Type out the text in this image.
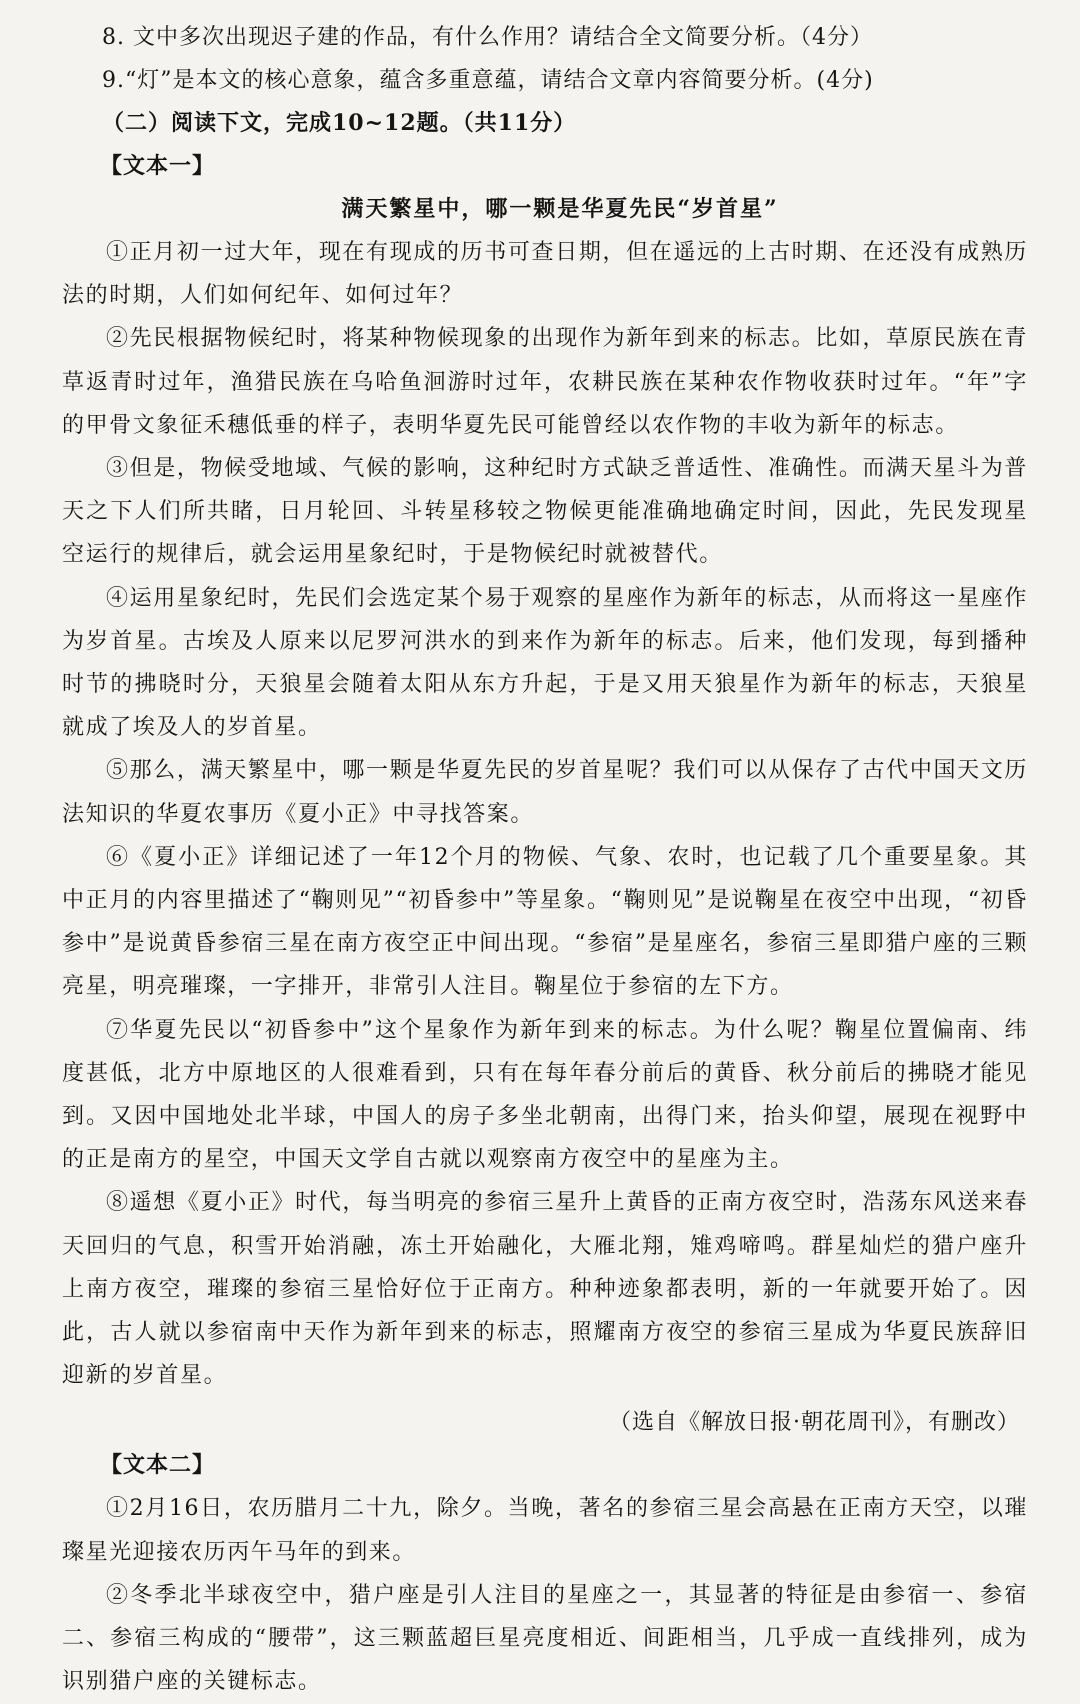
8. 文中多次出现迟子建的作品，有什么作用？请结合全文简要分析。（4分）
9.“灯”是本文的核心意象，蕴含多重意蕴，请结合文章内容简要分析。(4分)
（二）阅读下文，完成10~12题。（共11分）
【文本一】
满天繁星中，哪一颗是华夏先民“岁首星”

①正月初一过大年，现在有现成的历书可查日期，但在遥远的上古时期、在还没有成熟历法的时期，人们如何纪年、如何过年？

②先民根据物候纪时，将某种物候现象的出现作为新年到来的标志。比如，草原民族在青草返青时过年，渔猎民族在乌哈鱼洄游时过年，农耕民族在某种农作物收获时过年。“年”字的甲骨文象征禾穗低垂的样子，表明华夏先民可能曾经以农作物的丰收为新年的标志。

③但是，物候受地域、气候的影响，这种纪时方式缺乏普适性、准确性。而满天星斗为普天之下人们所共睹，日月轮回、斗转星移较之物候更能准确地确定时间，因此，先民发现星空运行的规律后，就会运用星象纪时，于是物候纪时就被替代。

④运用星象纪时，先民们会选定某个易于观察的星座作为新年的标志，从而将这一星座作为岁首星。古埃及人原来以尼罗河洪水的到来作为新年的标志。后来，他们发现，每到播种时节的拂晓时分，天狼星会随着太阳从东方升起，于是又用天狼星作为新年的标志，天狼星就成了埃及人的岁首星。

⑤那么，满天繁星中，哪一颗是华夏先民的岁首星呢？我们可以从保存了古代中国天文历法知识的华夏农事历《夏小正》中寻找答案。

⑥《夏小正》详细记述了一年12个月的物候、气象、农时，也记载了几个重要星象。其中正月的内容里描述了“鞠则见”“初昏参中”等星象。“鞠则见”是说鞠星在夜空中出现，“初昏参中”是说黄昏参宿三星在南方夜空正中间出现。“参宿”是星座名，参宿三星即猎户座的三颗亮星，明亮璀璨，一字排开，非常引人注目。鞠星位于参宿的左下方。

⑦华夏先民以“初昏参中”这个星象作为新年到来的标志。为什么呢？鞠星位置偏南、纬度甚低，北方中原地区的人很难看到，只有在每年春分前后的黄昏、秋分前后的拂晓才能见到。又因中国地处北半球，中国人的房子多坐北朝南，出得门来，抬头仰望，展现在视野中的正是南方的星空，中国天文学自古就以观察南方夜空中的星座为主。

⑧遥想《夏小正》时代，每当明亮的参宿三星升上黄昏的正南方夜空时，浩荡东风送来春天回归的气息，积雪开始消融，冻土开始融化，大雁北翔，雉鸡啼鸣。群星灿烂的猎户座升上南方夜空，璀璨的参宿三星恰好位于正南方。种种迹象都表明，新的一年就要开始了。因此，古人就以参宿南中天作为新年到来的标志，照耀南方夜空的参宿三星成为华夏民族辞旧迎新的岁首星。

（选自《解放日报·朝花周刊》，有删改）
【文本二】

①2月16日，农历腊月二十九，除夕。当晚，著名的参宿三星会高悬在正南方天空，以璀璨星光迎接农历丙午马年的到来。

②冬季北半球夜空中，猎户座是引人注目的星座之一，其显著的特征是由参宿一、参宿二、参宿三构成的“腰带”，这三颗蓝超巨星亮度相近、间距相当，几乎成一直线排列，成为识别猎户座的关键标志。
